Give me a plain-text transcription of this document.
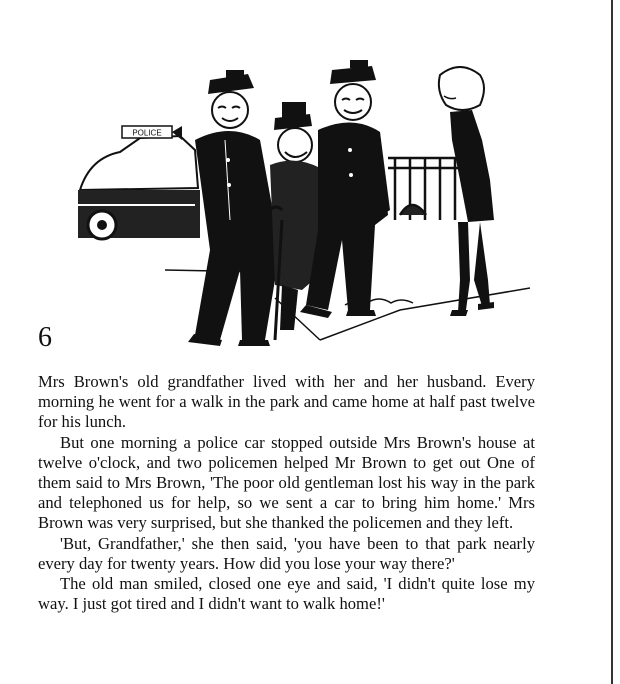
POLICE
6

Mrs Brown's old grandfather lived with her and her husband. Every morning he went for a walk in the park and came home at half past twelve for his lunch.

But one morning a police car stopped outside Mrs Brown's house at twelve o'clock, and two policemen helped Mr Brown to get out One of them said to Mrs Brown, 'The poor old gentleman lost his way in the park and telephoned us for help, so we sent a car to bring him home.' Mrs Brown was very surprised, but she thanked the policemen and they left.

'But, Grandfather,' she then said, 'you have been to that park nearly every day for twenty years. How did you lose your way there?'

The old man smiled, closed one eye and said, 'I didn't quite lose my way. I just got tired and I didn't want to walk home!'
